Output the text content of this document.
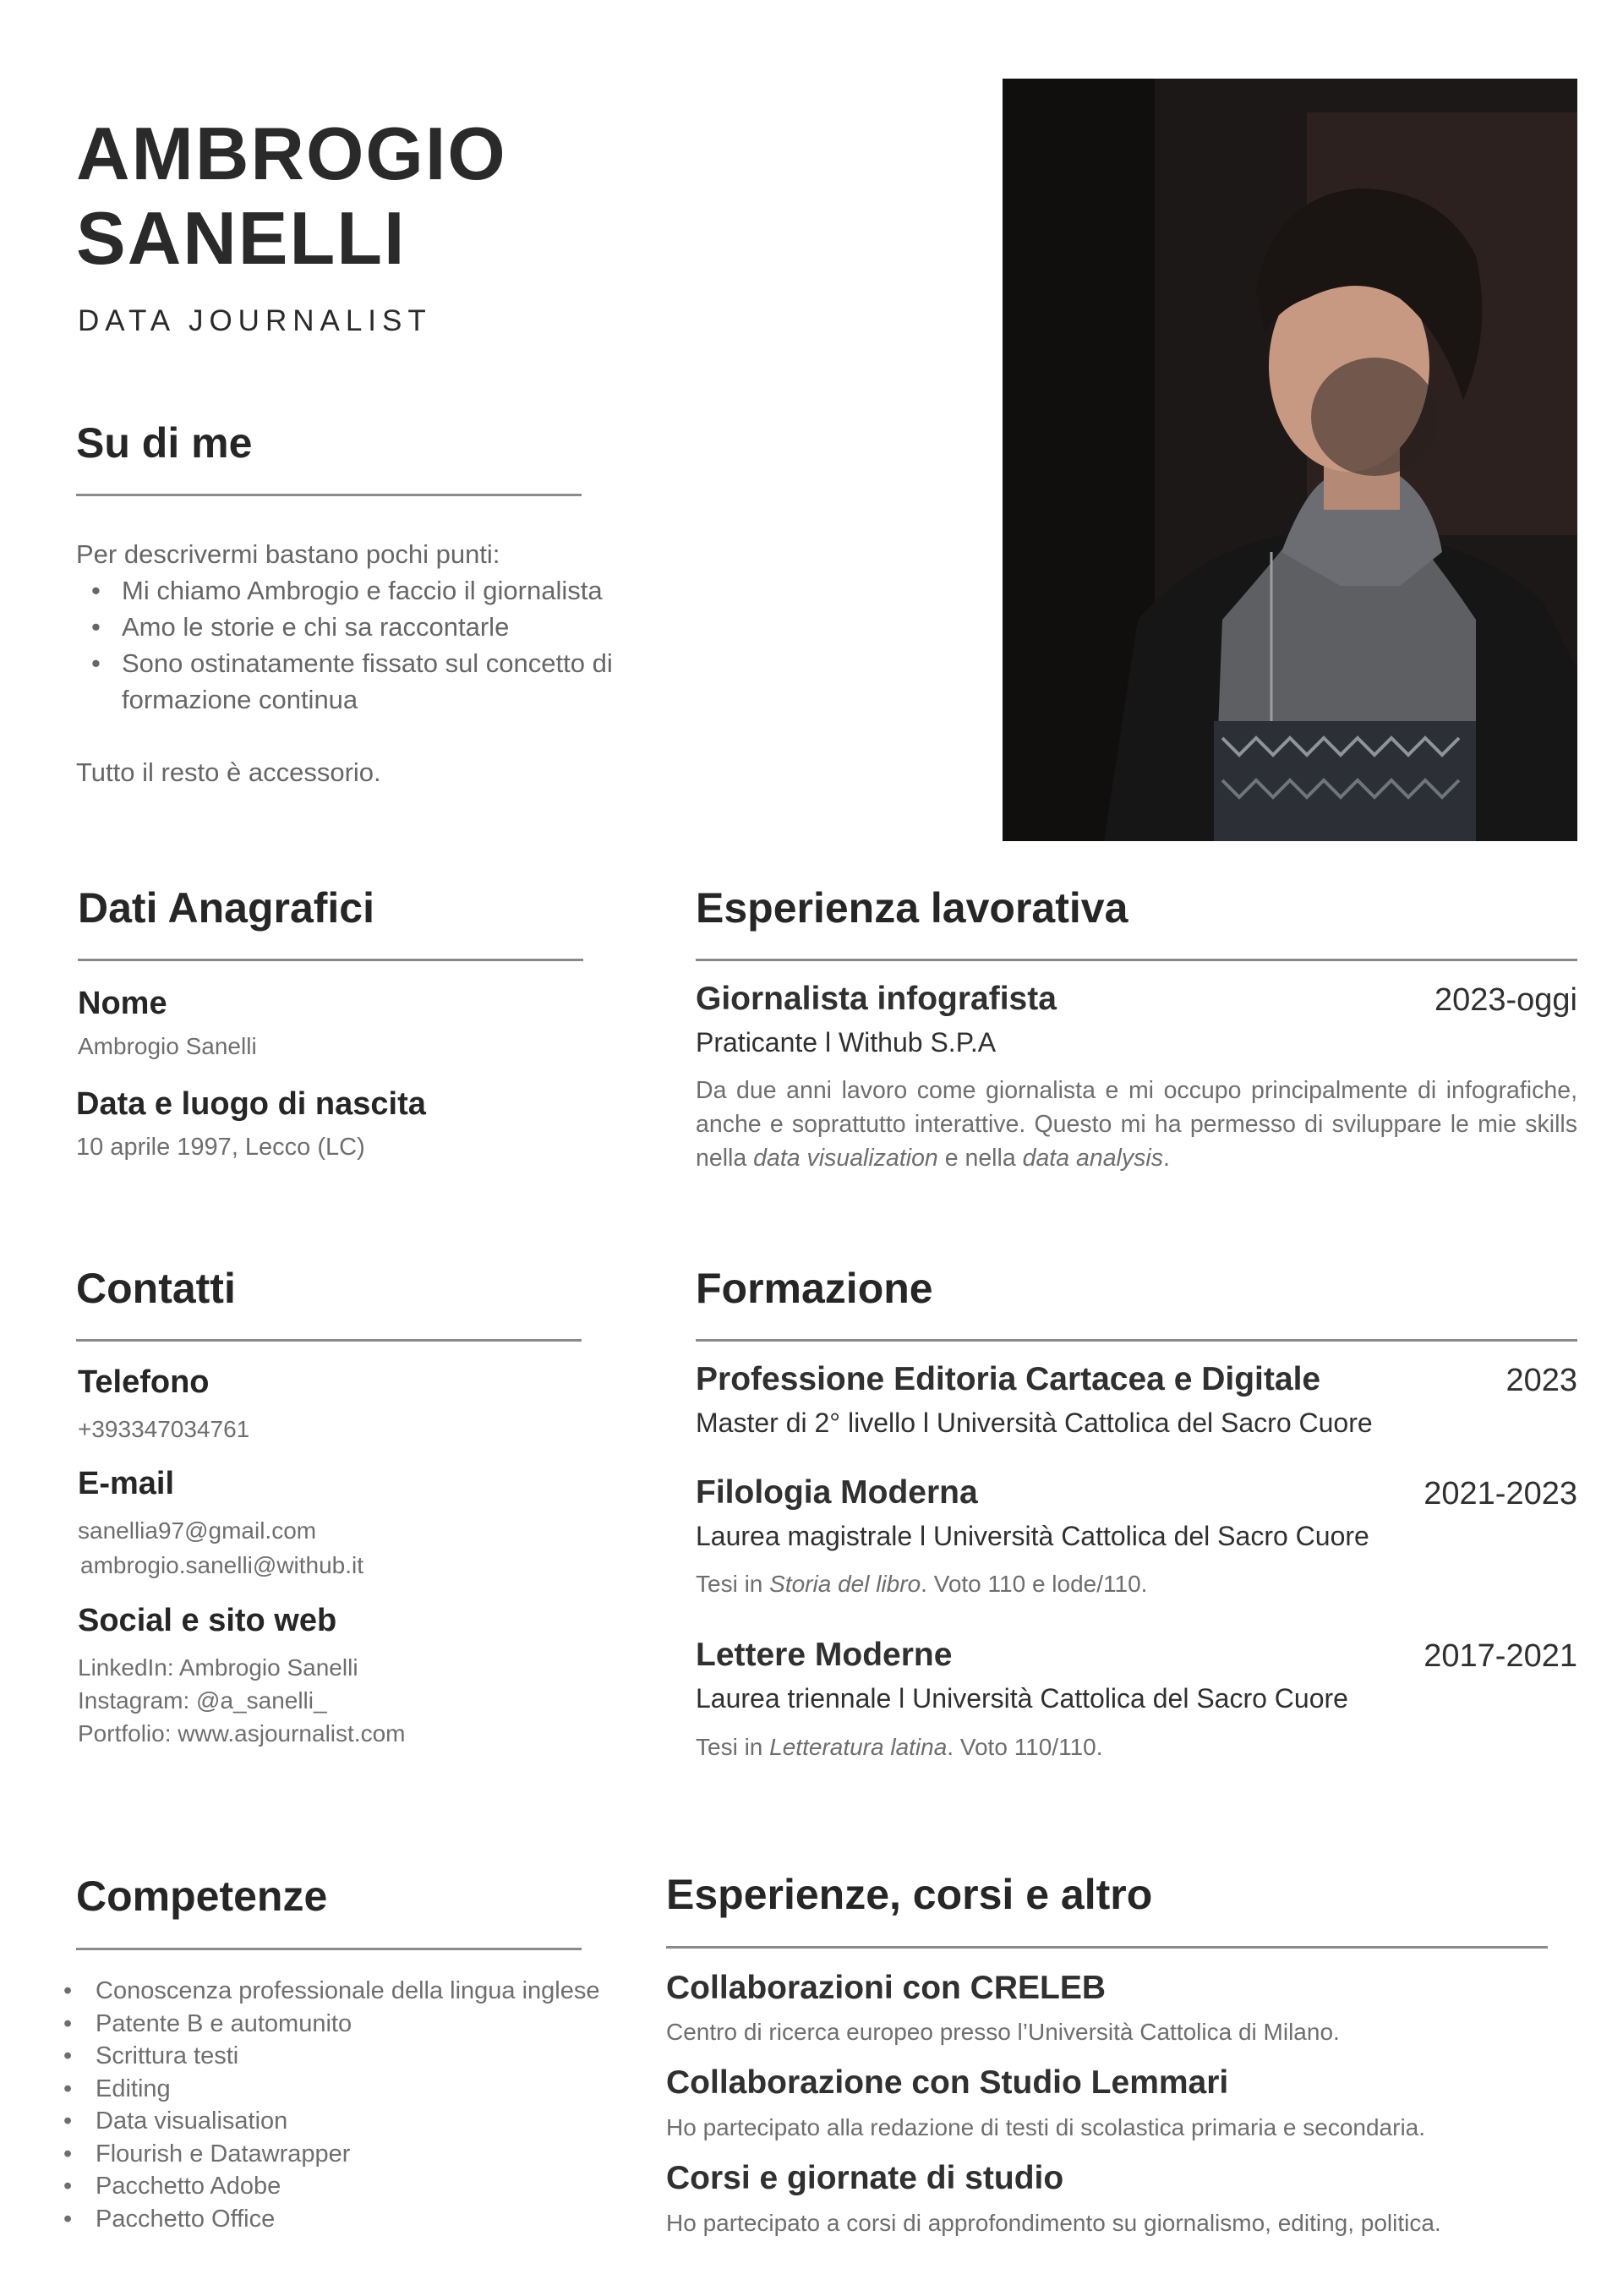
AMBROGIO
SANELLI
DATA JOURNALIST
Su di me
Per descrivermi bastano pochi punti:
• Mi chiamo Ambrogio e faccio il giornalista
• Amo le storie e chi sa raccontarle
• Sono ostinatamente fissato sul concetto di formazione continua
Tutto il resto è accessorio.
Dati Anagrafici
Nome
Ambrogio Sanelli
Data e luogo di nascita
10 aprile 1997, Lecco (LC)
Contatti
Telefono
+393347034761
E-mail
sanellia97@gmail.com
ambrogio.sanelli@withub.it
Social e sito web
LinkedIn: Ambrogio Sanelli
Instagram: @a_sanelli_
Portfolio: www.asjournalist.com
Competenze
• Conoscenza professionale della lingua inglese
• Patente B e automunito
• Scrittura testi
• Editing
• Data visualisation
• Flourish e Datawrapper
• Pacchetto Adobe
• Pacchetto Office
Esperienza lavorativa
Giornalista infografista	2023-oggi
Praticante l Withub S.P.A
Da due anni lavoro come giornalista e mi occupo principalmente di infografiche, anche e soprattutto interattive. Questo mi ha permesso di sviluppare le mie skills nella data visualization e nella data analysis.
Formazione
Professione Editoria Cartacea e Digitale	2023
Master di 2° livello l Università Cattolica del Sacro Cuore
Filologia Moderna	2021-2023
Laurea magistrale l Università Cattolica del Sacro Cuore
Tesi in Storia del libro. Voto 110 e lode/110.
Lettere Moderne	2017-2021
Laurea triennale l Università Cattolica del Sacro Cuore
Tesi in Letteratura latina. Voto 110/110.
Esperienze, corsi e altro
Collaborazioni con CRELEB
Centro di ricerca europeo presso l’Università Cattolica di Milano.
Collaborazione con Studio Lemmari
Ho partecipato alla redazione di testi di scolastica primaria e secondaria.
Corsi e giornate di studio
Ho partecipato a corsi di approfondimento su giornalismo, editing, politica.
